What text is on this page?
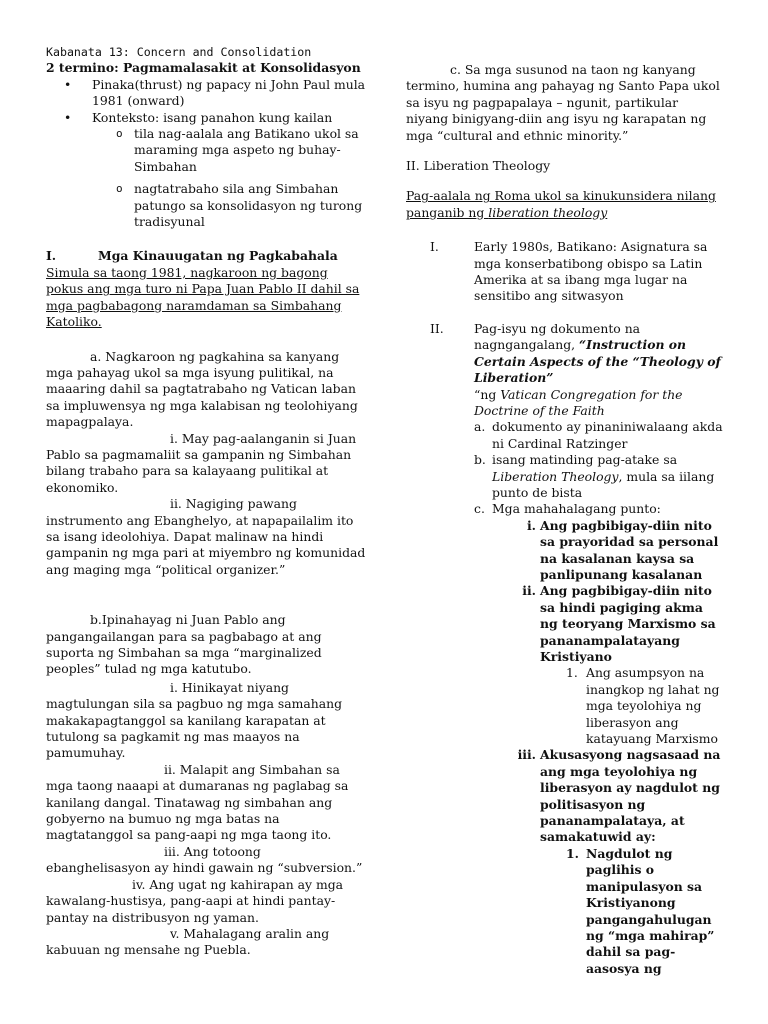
Kabanata 13: Concern and Consolidation

2 termino: Pagmamalasakit at Konsolidasyon

• Pinaka(thrust) ng papacy ni John Paul mula 1981 (onward)
• Konteksto: isang panahon kung kailan
o tila nag-aalala ang Batikano ukol sa maraming mga aspeto ng buhay-Simbahan
o nagtatrabaho sila ang Simbahan patungo sa konsolidasyon ng turong tradisyunal
I.	Mga Kinauugatan ng Pagkabahala

Simula sa taong 1981, nagkaroon ng bagong pokus ang mga turo ni Papa Juan Pablo II dahil sa mga pagbabagong naramdaman sa Simbahang Katoliko.

a. Nagkaroon ng pagkahina sa kanyang mga pahayag ukol sa mga isyung pulitikal, na maaaring dahil sa pagtatrabaho ng Vatican laban sa impluwensya ng mga kalabisan ng teolohiyang mapagpalaya.

i. May pag-aalanganin si Juan Pablo sa pagmamaliit sa gampanin ng Simbahan bilang trabaho para sa kalayaang pulitikal at ekonomiko.

ii. Nagiging pawang instrumento ang Ebanghelyo, at napapailalim ito sa isang ideolohiya. Dapat malinaw na hindi gampanin ng mga pari at miyembro ng komunidad ang maging mga “political organizer.”

b.Ipinahayag ni Juan Pablo ang pangangailangan para sa pagbabago at ang suporta ng Simbahan sa mga “marginalized peoples” tulad ng mga katutubo.

i. Hinikayat niyang magtulungan sila sa pagbuo ng mga samahang makakapagtanggol sa kanilang karapatan at tutulong sa pagkamit ng mas maayos na pamumuhay.

ii. Malapit ang Simbahan sa mga taong naaapi at dumaranas ng paglabag sa kanilang dangal. Tinatawag ng simbahan ang gobyerno na bumuo ng mga batas na magtatanggol sa pang-aapi ng mga taong ito.

iii. Ang totoong ebanghelisasyon ay hindi gawain ng “subversion.”

iv. Ang ugat ng kahirapan ay mga kawalang-hustisya, pang-aapi at hindi pantay-pantay na distribusyon ng yaman.

v. Mahalagang aralin ang kabuuan ng mensahe ng Puebla.

c. Sa mga susunod na taon ng kanyang termino, humina ang pahayag ng Santo Papa ukol sa isyu ng pagpapalaya – ngunit, partikular niyang binigyang-diin ang isyu ng karapatan ng mga “cultural and ethnic minority.”

II. Liberation Theology

Pag-aalala ng Roma ukol sa kinukunsidera nilang panganib ng liberation theology

I.	Early 1980s, Batikano: Asignatura sa mga konserbatibong obispo sa Latin Amerika at sa ibang mga lugar na sensitibo ang sitwasyon
II. Pag-isyu ng dokumento na nagngangalang, “Instruction on Certain Aspects of the “Theology of Liberation”
“ng Vatican Congregation for the Doctrine of the Faith
a. dokumento ay pinaniniwalaang akda ni Cardinal Ratzinger
b. isang matinding pag-atake sa Liberation Theology, mula sa iilang punto de bista
c. Mga mahahalagang punto:
i. Ang pagbibigay-diin nito sa prayoridad sa personal na kasalanan kaysa sa panlipunang kasalanan
ii. Ang pagbibigay-diin nito sa hindi pagiging akma ng teoryang Marxismo sa pananampalatayang Kristiyano
1. Ang asumpsyon na inangkop ng lahat ng mga teyolohiya ng liberasyon ang katayuang Marxismo
iii. Akusasyong nagsasaad na ang mga teyolohiya ng liberasyon ay nagdulot ng politisasyon ng pananampalataya, at samakatuwid ay:
1. Nagdulot ng paglihis o manipulasyon sa Kristiyanong pangangahulugan ng “mga mahirap” dahil sa pag-aasosya ng
